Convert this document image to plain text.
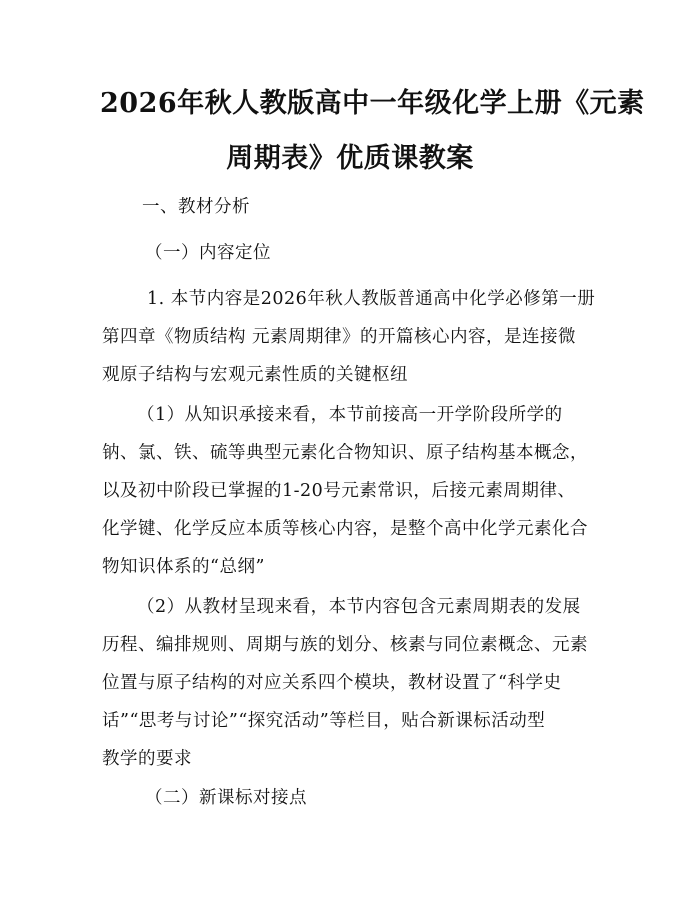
2026年秋人教版高中一年级化学上册《元素
周期表》优质课教案
一、教材分析
（一）内容定位
1. 本节内容是2026年秋人教版普通高中化学必修第一册
第四章《物质结构 元素周期律》的开篇核心内容，是连接微
观原子结构与宏观元素性质的关键枢纽
（1）从知识承接来看，本节前接高一开学阶段所学的
钠、氯、铁、硫等典型元素化合物知识、原子结构基本概念，
以及初中阶段已掌握的1-20号元素常识，后接元素周期律、
化学键、化学反应本质等核心内容，是整个高中化学元素化合
物知识体系的“总纲”
（2）从教材呈现来看，本节内容包含元素周期表的发展
历程、编排规则、周期与族的划分、核素与同位素概念、元素
位置与原子结构的对应关系四个模块，教材设置了“科学史
话”“思考与讨论”“探究活动”等栏目，贴合新课标活动型
教学的要求
（二）新课标对接点
